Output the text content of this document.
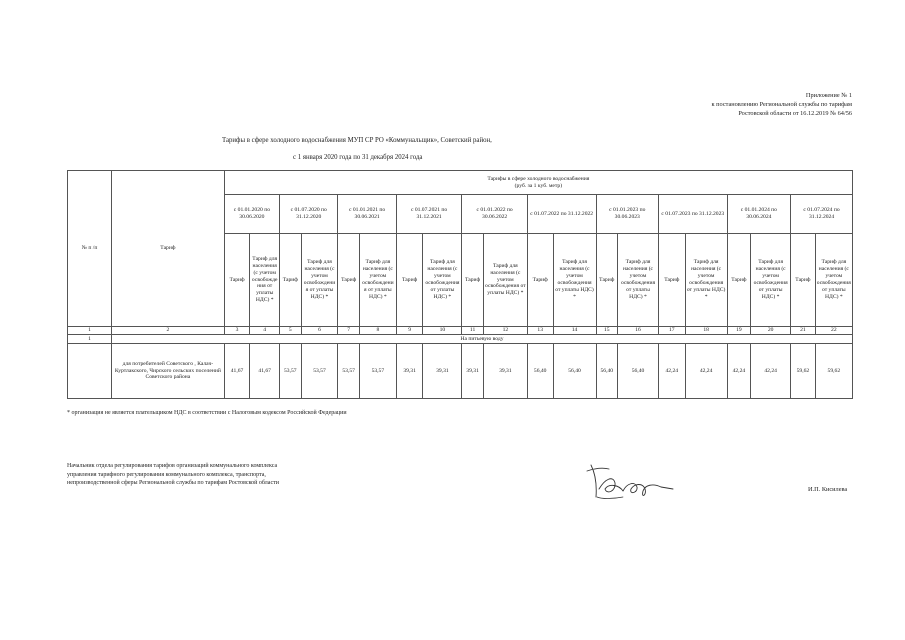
Приложение № 1
к постановлению Региональной службы по тарифам
Ростовской области от 16.12.2019 № 64/56
Тарифы в сфере холодного водоснабжения МУП СР РО «Коммунальщик», Советский район,
с 1 января 2020 года по 31 декабря 2024 года
№ п /п	Тариф	Тарифы в сфере холодного водоснабжения
(руб. за 1 куб. метр)																			

		с 01.01.2020 по 30.06.2020		с 01.07.2020 по 31.12.2020		с 01.01.2021 по 30.06.2021		с 01.07.2021 по 31.12.2021		с 01.01.2022 по 30.06.2022		с 01.07.2022 по 31.12.2022		с 01.01.2023 по 30.06.2023		с 01.07.2023 по 31.12.2023		с 01.01.2024 по 30.06.2024		с 01.07.2024 по 31.12.2024	
		Тариф	Тариф для населения (с учетом освобождения от уплаты НДС) *	Тариф	Тариф для населения (с учетом освобождения от уплаты НДС) *	Тариф	Тариф для населения (с учетом освобождения от уплаты НДС) *	Тариф	Тариф для населения (с учетом освобождения от уплаты НДС) *	Тариф	Тариф для населения (с учетом освобождения от уплаты НДС) *	Тариф	Тариф для населения (с учетом освобождения от уплаты НДС) *	Тариф	Тариф для населения (с учетом освобождения от уплаты НДС) *	Тариф	Тариф для населения (с учетом освобождения от уплаты НДС) *	Тариф	Тариф для населения (с учетом освобождения от уплаты НДС) *	Тариф	Тариф для населения (с учетом освобождения от уплаты НДС) *
1	2	3	4	5	6	7	8	9	10	11	12	13	14	15	16	17	18	19	20	21	22
1	На питьевую воду																				
	для потребителей Советского , Калач- Куртлакского, Чирского сельских поселений Советского района	41,67	41,67	53,57	53,57	53,57	53,57	39,31	39,31	39,31	39,31	56,40	56,40	56,40	56,40	42,24	42,24	42,24	42,24	59,62	59,62
* организация не является плательщиком НДС в соответствии с Налоговым кодексом Российской Федерации
Начальник отдела регулирования тарифов организаций коммунального комплекса
управления тарифного регулирования коммунального комплекса, транспорта,
непроизводственной сферы Региональной службы по тарифам Ростовской области
И.П. Кисилева
